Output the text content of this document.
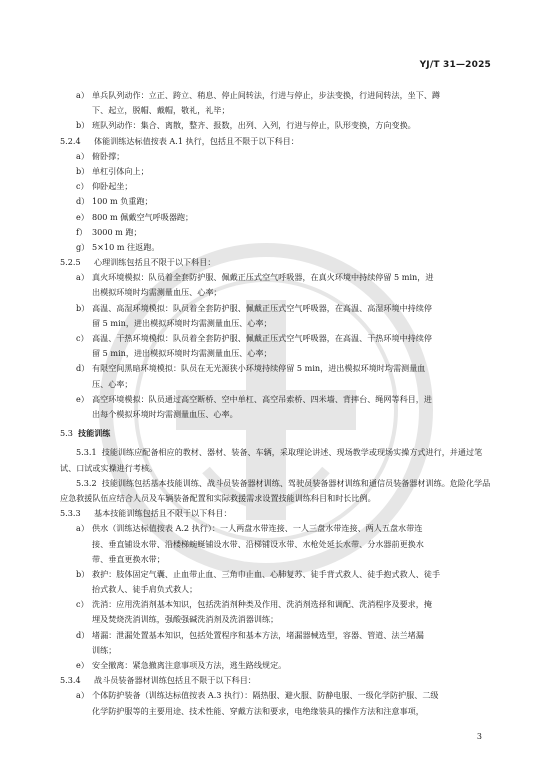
YJ/T 31—2025
a） 单兵队列动作：立正、跨立、稍息、停止间转法，行进与停止，步法变换，行进间转法，坐下、蹲
下、起立，脱帽、戴帽，敬礼，礼毕；
b） 班队列动作：集合、离散，整齐、报数，出列、入列，行进与停止，队形变换，方向变换。
5.2.4 体能训练达标值按表 A.1 执行，包括且不限于以下科目：
a） 俯卧撑；
b） 单杠引体向上；
c） 仰卧起坐；
d） 100 m 负重跑；
e） 800 m 佩戴空气呼吸器跑；
f） 3000 m 跑；
g） 5×10 m 往返跑。
5.2.5 心理训练包括且不限于以下科目：
a） 真火环境模拟：队员着全套防护服、佩戴正压式空气呼吸器，在真火环境中持续停留 5 min，进
出模拟环境时均需测量血压、心率；
b） 高温、高湿环境模拟：队员着全套防护服、佩戴正压式空气呼吸器，在高温、高湿环境中持续停
留 5 min，进出模拟环境时均需测量血压、心率；
c） 高温、干热环境模拟：队员着全套防护服、佩戴正压式空气呼吸器，在高温、干热环境中持续停
留 5 min，进出模拟环境时均需测量血压、心率；
d） 有限空间黑暗环境模拟：队员在无光源狭小环境持续停留 5 min，进出模拟环境时均需测量血
压、心率；
e） 高空环境模拟：队员通过高空断桥、空中单杠、高空吊索桥、四米墙、背摔台、绳网等科目，进
出每个模拟环境时均需测量血压、心率。
5.3 技能训练
5.3.1 技能训练应配备相应的教材、器材、装备、车辆，采取理论讲述、现场教学或现场实操方式进行，并通过笔试、口试或实操进行考核。
5.3.2 技能训练包括基本技能训练、战斗员装备器材训练、驾驶员装备器材训练和通信员装备器材训练。危险化学品应急救援队伍应结合人员及车辆装备配置和实际救援需求设置技能训练科目和时长比例。
5.3.3 基本技能训练包括且不限于以下科目：
a） 供水（训练达标值按表 A.2 执行）：一人两盘水带连接、一人三盘水带连接、两人五盘水带连
接、垂直铺设水带、沿楼梯蜿蜒铺设水带、沿梯铺设水带、水枪处延长水带、分水器前更换水
带、垂直更换水带；
b） 救护：肢体固定气囊、止血带止血、三角巾止血、心肺复苏、徒手背式救人、徒手抱式救人、徒手
抬式救人、徒手肩负式救人；
c） 洗消：应用洗消剂基本知识，包括洗消剂种类及作用、洗消剂选择和调配、洗消程序及要求，掩
埋及焚烧洗消训练，强酸强碱洗消剂及洗消器训练；
d） 堵漏：泄漏处置基本知识，包括处置程序和基本方法，堵漏器械选型，容器、管道、法兰堵漏
训练；
e） 安全撤离：紧急撤离注意事项及方法，逃生路线规定。
5.3.4 战斗员装备器材训练包括且不限于以下科目：
a） 个体防护装备（训练达标值按表 A.3 执行）：隔热服、避火服、防静电服、一级化学防护服、二级
化学防护服等的主要用途、技术性能、穿戴方法和要求，电绝缘装具的操作方法和注意事项，
3
